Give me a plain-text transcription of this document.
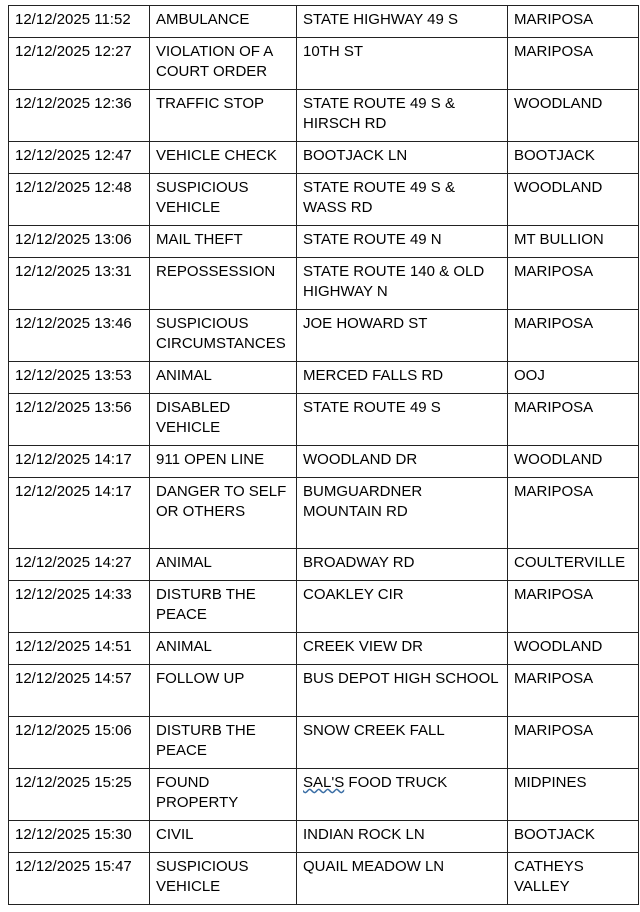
12/12/2025 11:52	AMBULANCE	STATE HIGHWAY 49 S	MARIPOSA
12/12/2025 12:27	VIOLATION OF A COURT ORDER	10TH ST	MARIPOSA
12/12/2025 12:36	TRAFFIC STOP	STATE ROUTE 49 S & HIRSCH RD	WOODLAND
12/12/2025 12:47	VEHICLE CHECK	BOOTJACK LN	BOOTJACK
12/12/2025 12:48	SUSPICIOUS VEHICLE	STATE ROUTE 49 S & WASS RD	WOODLAND
12/12/2025 13:06	MAIL THEFT	STATE ROUTE 49 N	MT BULLION
12/12/2025 13:31	REPOSSESSION	STATE ROUTE 140 & OLD HIGHWAY N	MARIPOSA
12/12/2025 13:46	SUSPICIOUS CIRCUMSTANCES	JOE HOWARD ST	MARIPOSA
12/12/2025 13:53	ANIMAL	MERCED FALLS RD	OOJ
12/12/2025 13:56	DISABLED VEHICLE	STATE ROUTE 49 S	MARIPOSA
12/12/2025 14:17	911 OPEN LINE	WOODLAND DR	WOODLAND
12/12/2025 14:17	DANGER TO SELF OR OTHERS	BUMGUARDNER MOUNTAIN RD	MARIPOSA
12/12/2025 14:27	ANIMAL	BROADWAY RD	COULTERVILLE
12/12/2025 14:33	DISTURB THE PEACE	COAKLEY CIR	MARIPOSA
12/12/2025 14:51	ANIMAL	CREEK VIEW DR	WOODLAND
12/12/2025 14:57	FOLLOW UP	BUS DEPOT HIGH SCHOOL	MARIPOSA
12/12/2025 15:06	DISTURB THE PEACE	SNOW CREEK FALL	MARIPOSA
12/12/2025 15:25	FOUND PROPERTY	SAL'S FOOD TRUCK	MIDPINES
12/12/2025 15:30	CIVIL	INDIAN ROCK LN	BOOTJACK
12/12/2025 15:47	SUSPICIOUS VEHICLE	QUAIL MEADOW LN	CATHEYS VALLEY
